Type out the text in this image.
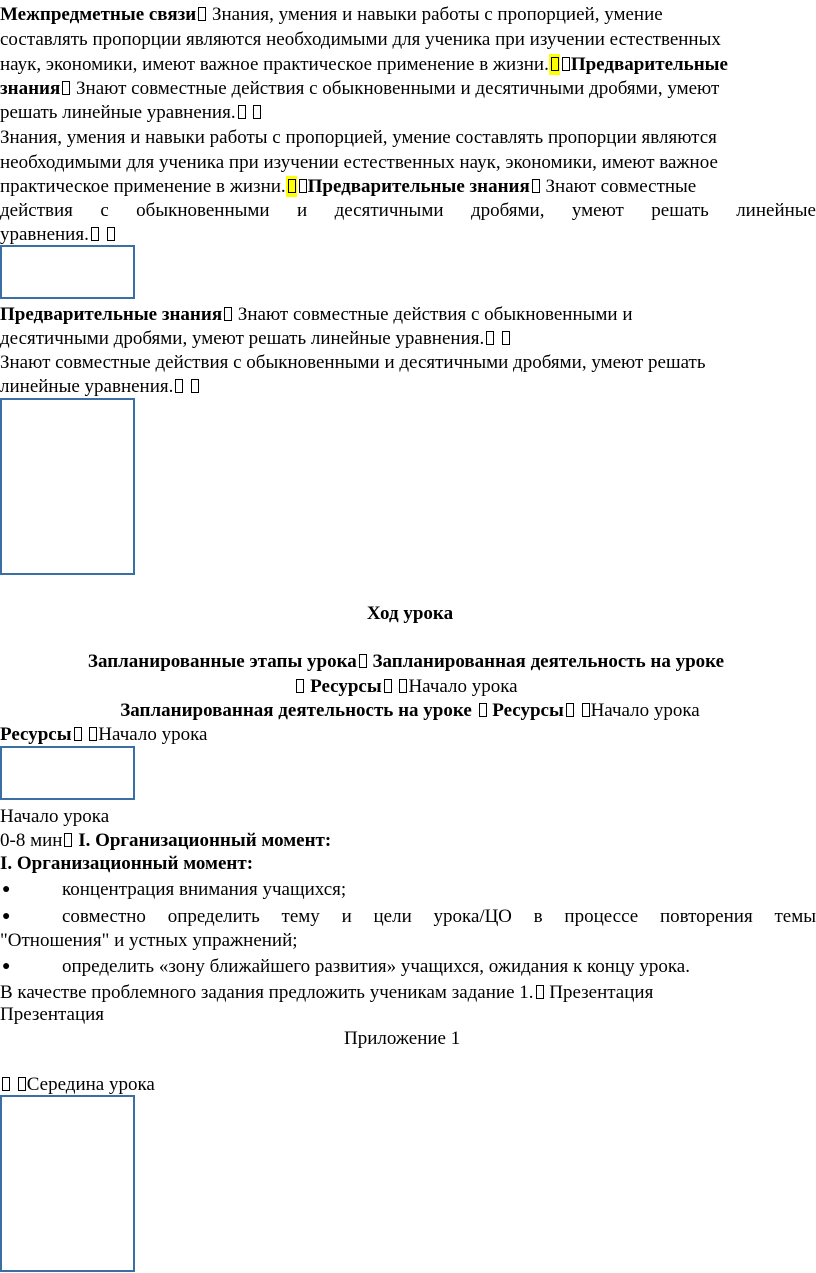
Межпредметные связи Знания, умения и навыки работы с пропорцией, умение
составлять пропорции являются необходимыми для ученика при изучении естественных
наук, экономики, имеют важное практическое применение в жизни. Предварительные
знания Знают совместные действия с обыкновенными и десятичными дробями, умеют
решать линейные уравнения.
Знания, умения и навыки работы с пропорцией, умение составлять пропорции являются
необходимыми для ученика при изучении естественных наук, экономики, имеют важное
практическое применение в жизни. Предварительные знания Знают совместные
действия с обыкновенными и десятичными дробями, умеют решать линейные
уравнения.
Предварительные знания Знают совместные действия с обыкновенными и
десятичными дробями, умеют решать линейные уравнения.
Знают совместные действия с обыкновенными и десятичными дробями, умеют решать
линейные уравнения.
Ход урока
Запланированные этапы урока Запланированная деятельность на уроке
Ресурсы Начало урока
Запланированная деятельность на уроке Ресурсы Начало урока
Ресурсы Начало урока
Начало урока
0-8 мин I. Организационный момент:
I. Организационный момент:
●	концентрация внимания учащихся;
●	совместно определить тему и цели урока/ЦО в процессе повторения темы
"Отношения" и устных упражнений;
●	определить «зону ближайшего развития» учащихся, ожидания к концу урока.
В качестве проблемного задания предложить ученикам задание 1. Презентация
Презентация
Приложение 1
Середина урока
